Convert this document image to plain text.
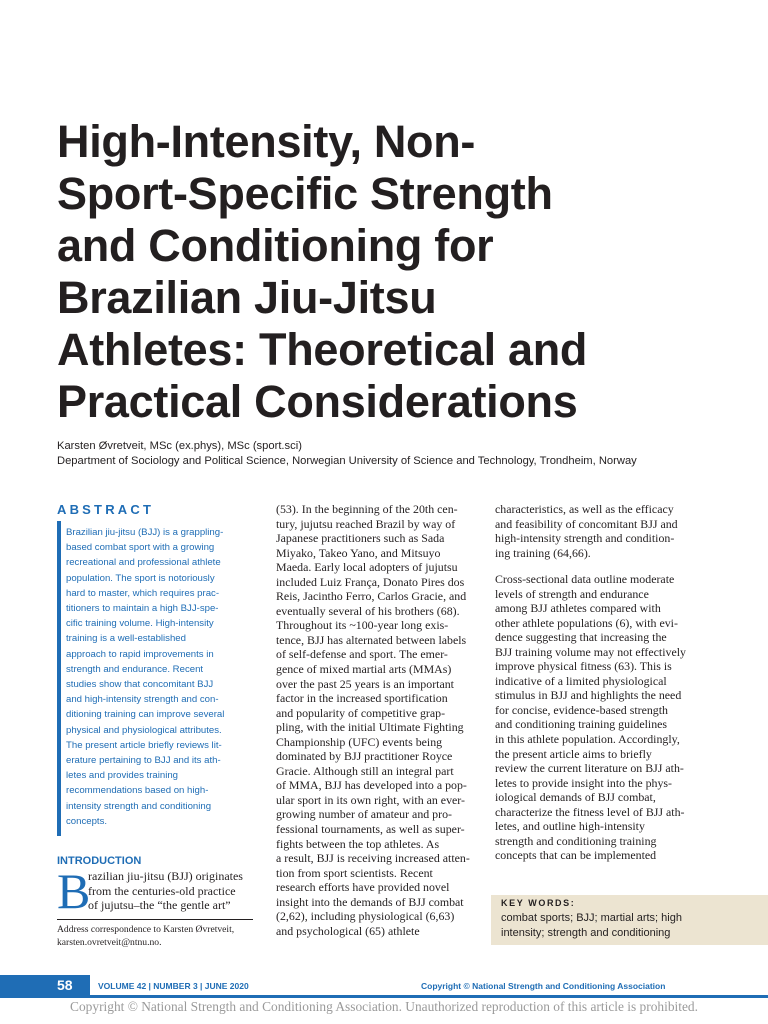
High-Intensity, Non-
Sport-Specific Strength
and Conditioning for
Brazilian Jiu-Jitsu
Athletes: Theoretical and
Practical Considerations
Karsten Øvretveit, MSc (ex.phys), MSc (sport.sci)
Department of Sociology and Political Science, Norwegian University of Science and Technology, Trondheim, Norway
ABSTRACT
Brazilian jiu-jitsu (BJJ) is a grappling-
based combat sport with a growing
recreational and professional athlete
population. The sport is notoriously
hard to master, which requires prac-
titioners to maintain a high BJJ-spe-
cific training volume. High-intensity
training is a well-established
approach to rapid improvements in
strength and endurance. Recent
studies show that concomitant BJJ
and high-intensity strength and con-
ditioning training can improve several
physical and physiological attributes.
The present article briefly reviews lit-
erature pertaining to BJJ and its ath-
letes and provides training
recommendations based on high-
intensity strength and conditioning
concepts.
INTRODUCTION
B
razilian jiu-jitsu (BJJ) originates
from the centuries-old practice
of jujutsu–the “the gentle art”
Address correspondence to Karsten Øvretveit,
karsten.ovretveit@ntnu.no.
(53). In the beginning of the 20th cen-
tury, jujutsu reached Brazil by way of
Japanese practitioners such as Sada
Miyako, Takeo Yano, and Mitsuyo
Maeda. Early local adopters of jujutsu
included Luiz França, Donato Pires dos
Reis, Jacintho Ferro, Carlos Gracie, and
eventually several of his brothers (68).
Throughout its ~100-year long exis-
tence, BJJ has alternated between labels
of self-defense and sport. The emer-
gence of mixed martial arts (MMAs)
over the past 25 years is an important
factor in the increased sportification
and popularity of competitive grap-
pling, with the initial Ultimate Fighting
Championship (UFC) events being
dominated by BJJ practitioner Royce
Gracie. Although still an integral part
of MMA, BJJ has developed into a pop-
ular sport in its own right, with an ever-
growing number of amateur and pro-
fessional tournaments, as well as super-
fights between the top athletes. As
a result, BJJ is receiving increased atten-
tion from sport scientists. Recent
research efforts have provided novel
insight into the demands of BJJ combat
(2,62), including physiological (6,63)
and psychological (65) athlete
characteristics, as well as the efficacy
and feasibility of concomitant BJJ and
high-intensity strength and condition-
ing training (64,66).
Cross-sectional data outline moderate
levels of strength and endurance
among BJJ athletes compared with
other athlete populations (6), with evi-
dence suggesting that increasing the
BJJ training volume may not effectively
improve physical fitness (63). This is
indicative of a limited physiological
stimulus in BJJ and highlights the need
for concise, evidence-based strength
and conditioning training guidelines
in this athlete population. Accordingly,
the present article aims to briefly
review the current literature on BJJ ath-
letes to provide insight into the phys-
iological demands of BJJ combat,
characterize the fitness level of BJJ ath-
letes, and outline high-intensity
strength and conditioning training
concepts that can be implemented
KEY WORDS:
combat sports; BJJ; martial arts; high
intensity; strength and conditioning
58	VOLUME 42 | NUMBER 3 | JUNE 2020	Copyright © National Strength and Conditioning Association
Copyright © National Strength and Conditioning Association. Unauthorized reproduction of this article is prohibited.
